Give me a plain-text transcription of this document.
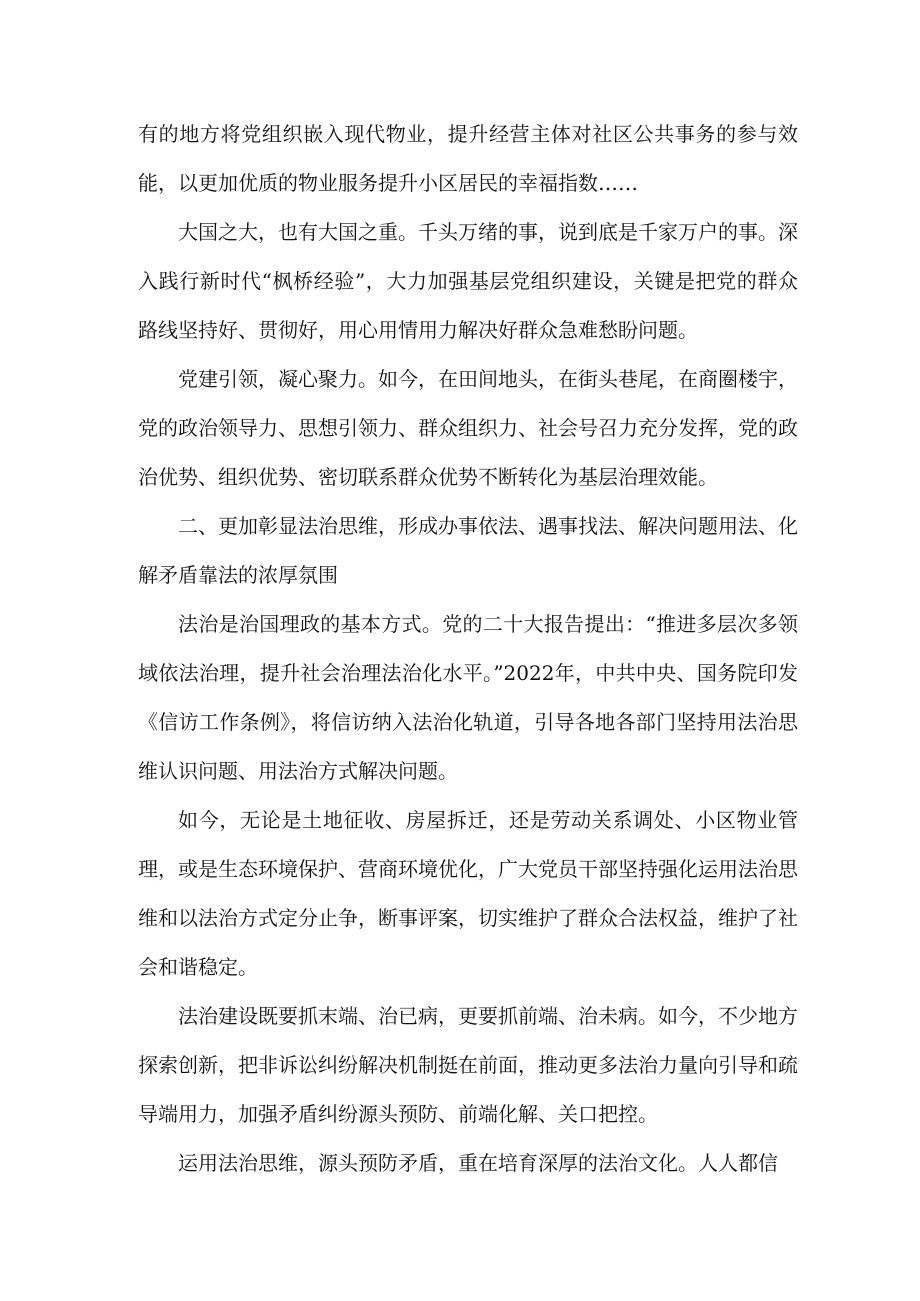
有的地方将党组织嵌入现代物业，提升经营主体对社区公共事务的参与效能，以更加优质的物业服务提升小区居民的幸福指数……

大国之大，也有大国之重。千头万绪的事，说到底是千家万户的事。深入践行新时代“枫桥经验”，大力加强基层党组织建设，关键是把党的群众路线坚持好、贯彻好，用心用情用力解决好群众急难愁盼问题。

党建引领，凝心聚力。如今，在田间地头，在街头巷尾，在商圈楼宇，党的政治领导力、思想引领力、群众组织力、社会号召力充分发挥，党的政治优势、组织优势、密切联系群众优势不断转化为基层治理效能。

二、更加彰显法治思维，形成办事依法、遇事找法、解决问题用法、化解矛盾靠法的浓厚氛围

法治是治国理政的基本方式。党的二十大报告提出：“推进多层次多领域依法治理，提升社会治理法治化水平。”2022年，中共中央、国务院印发《信访工作条例》，将信访纳入法治化轨道，引导各地各部门坚持用法治思维认识问题、用法治方式解决问题。

如今，无论是土地征收、房屋拆迁，还是劳动关系调处、小区物业管理，或是生态环境保护、营商环境优化，广大党员干部坚持强化运用法治思维和以法治方式定分止争，断事评案，切实维护了群众合法权益，维护了社会和谐稳定。

法治建设既要抓末端、治已病，更要抓前端、治未病。如今，不少地方探索创新，把非诉讼纠纷解决机制挺在前面，推动更多法治力量向引导和疏导端用力，加强矛盾纠纷源头预防、前端化解、关口把控。

运用法治思维，源头预防矛盾，重在培育深厚的法治文化。人人都信
